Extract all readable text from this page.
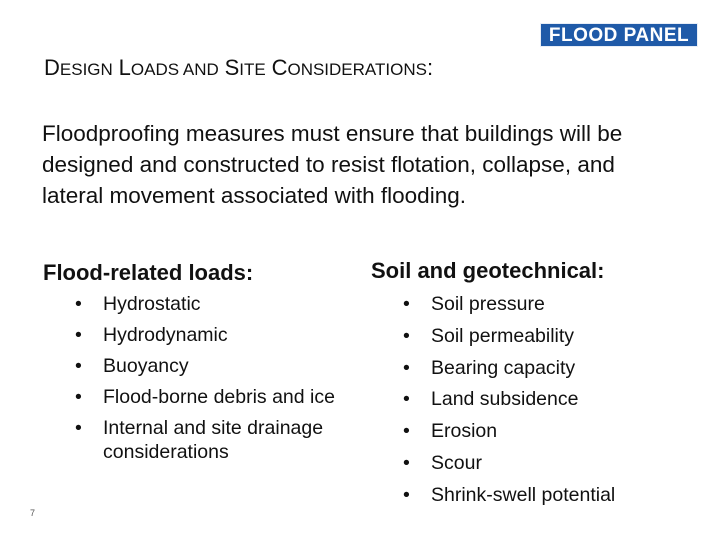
FLOOD PANEL
DESIGN LOADS AND SITE CONSIDERATIONS:

Floodproofing measures must ensure that buildings will be designed and constructed to resist flotation, collapse, and lateral movement associated with flooding.

Flood-related loads:	Soil and geotechnical:
• Hydrostatic
• Hydrodynamic
• Buoyancy
• Flood-borne debris and ice
• Internal and site drainage considerations
• Soil pressure
• Soil permeability
• Bearing capacity
• Land subsidence
• Erosion
• Scour
• Shrink-swell potential
7
